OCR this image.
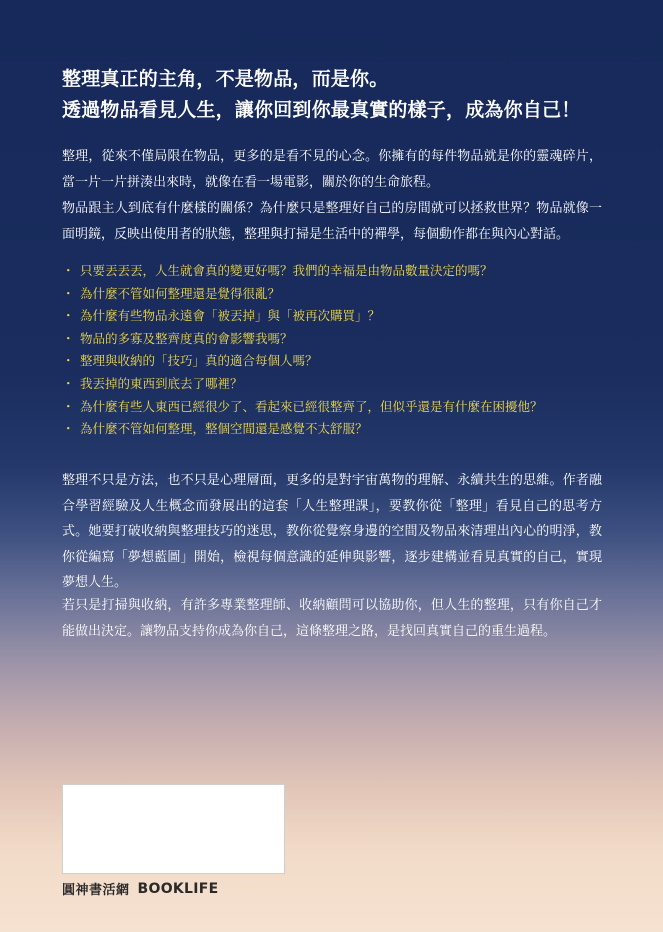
整理真正的主角，不是物品，而是你。
透過物品看見人生，讓你回到你最真實的樣子，成為你自己！

整理，從來不僅局限在物品，更多的是看不見的心念。你擁有的每件物品就是你的靈魂碎片，當一片一片拼湊出來時，就像在看一場電影，關於你的生命旅程。

物品跟主人到底有什麼樣的關係？為什麼只是整理好自己的房間就可以拯救世界？物品就像一面明鏡，反映出使用者的狀態，整理與打掃是生活中的禪學，每個動作都在與內心對話。

・ 只要丟丟丟，人生就會真的變更好嗎？我們的幸福是由物品數量決定的嗎？
・ 為什麼不管如何整理還是覺得很亂？
・ 為什麼有些物品永遠會「被丟掉」與「被再次購買」？
・ 物品的多寡及整齊度真的會影響我嗎？
・ 整理與收納的「技巧」真的適合每個人嗎？
・ 我丟掉的東西到底去了哪裡？
・ 為什麼有些人東西已經很少了、看起來已經很整齊了，但似乎還是有什麼在困擾他？
・ 為什麼不管如何整理，整個空間還是感覺不太舒服？

整理不只是方法，也不只是心理層面，更多的是對宇宙萬物的理解、永續共生的思維。作者融合學習經驗及人生概念而發展出的這套「人生整理課」，要教你從「整理」看見自己的思考方式。她要打破收納與整理技巧的迷思，教你從覺察身邊的空間及物品來清理出內心的明淨，教你從編寫「夢想藍圖」開始，檢視每個意識的延伸與影響，逐步建構並看見真實的自己，實現夢想人生。

若只是打掃與收納，有許多專業整理師、收納顧問可以協助你，但人生的整理，只有你自己才能做出決定。讓物品支持你成為你自己，這條整理之路，是找回真實自己的重生過程。

圓神書活網 BOOKLIFE
